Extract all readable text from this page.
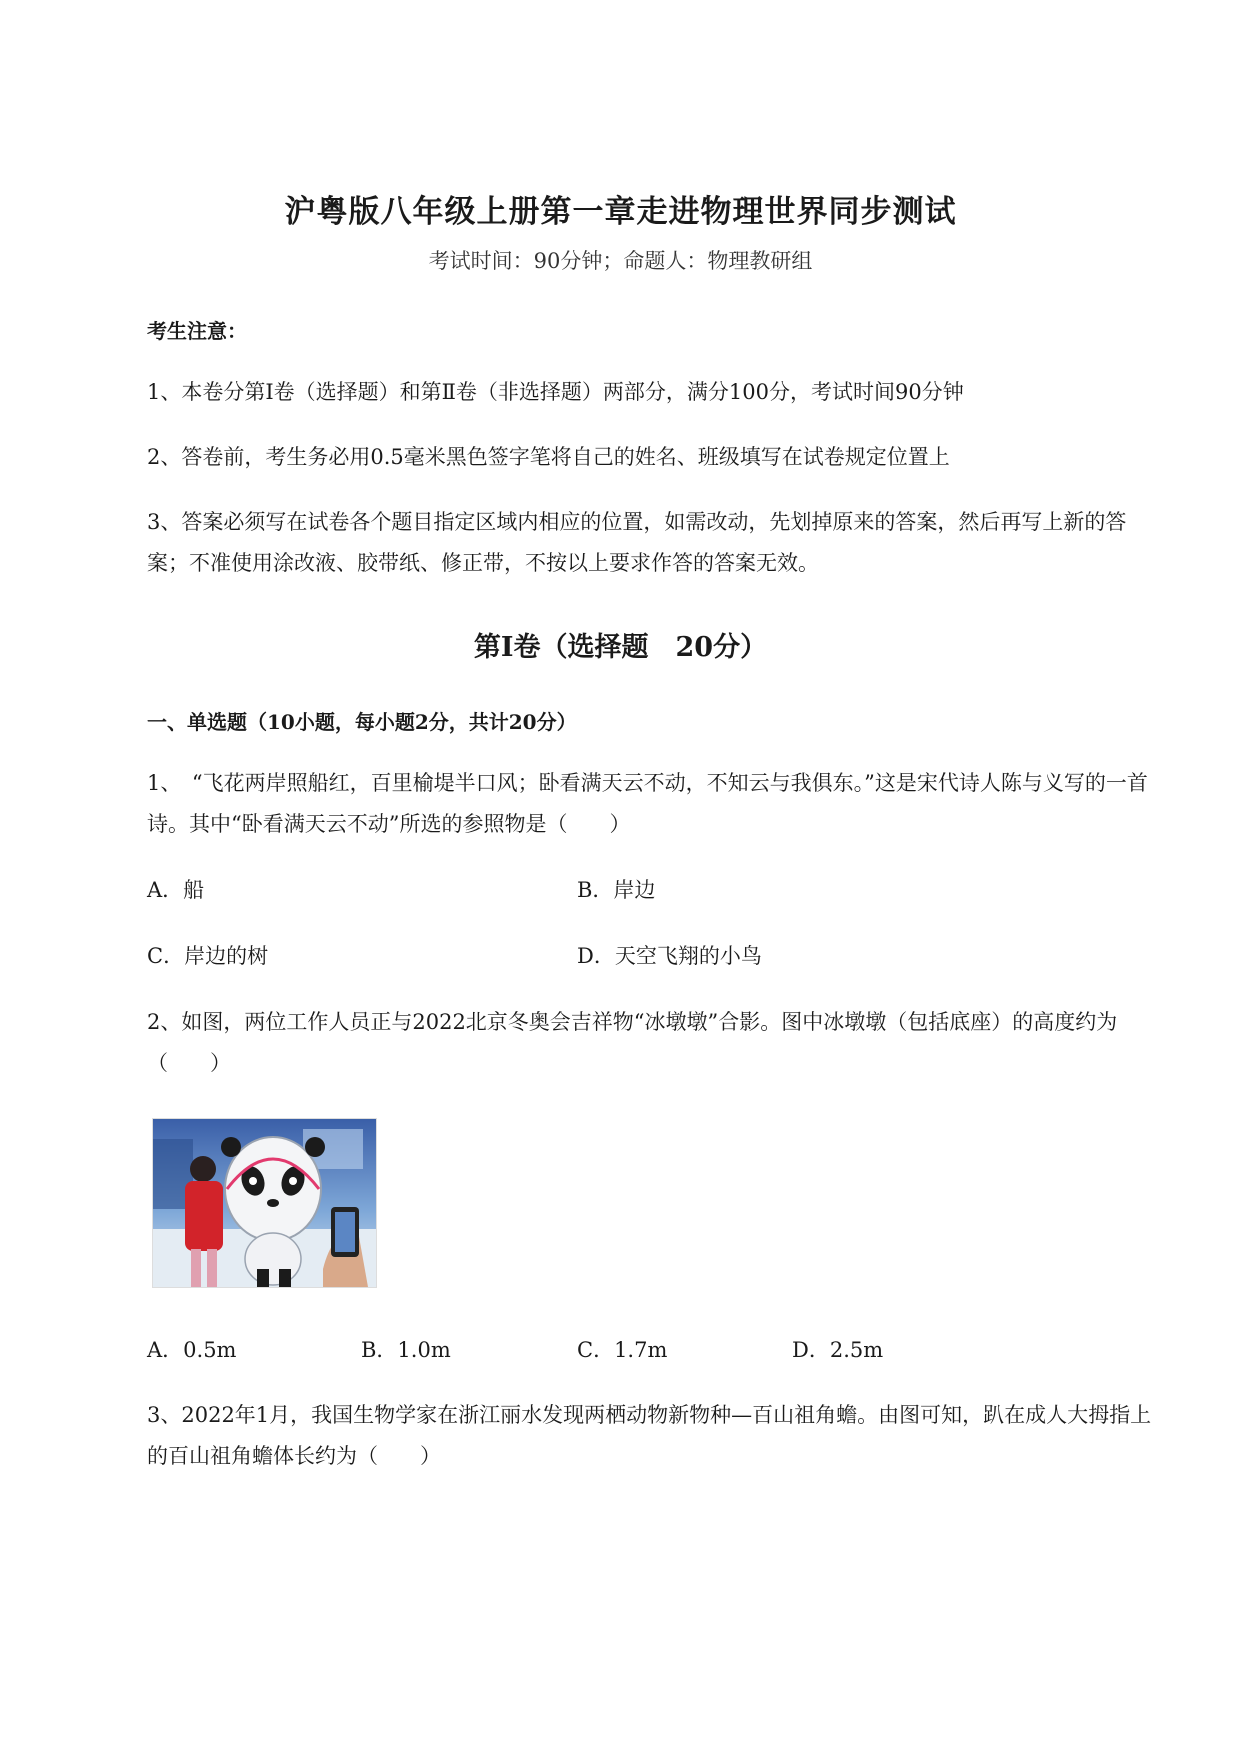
沪粤版八年级上册第一章走进物理世界同步测试
考试时间：90分钟；命题人：物理教研组
考生注意：
1、本卷分第I卷（选择题）和第Ⅱ卷（非选择题）两部分，满分100分，考试时间90分钟
2、答卷前，考生务必用0.5毫米黑色签字笔将自己的姓名、班级填写在试卷规定位置上
3、答案必须写在试卷各个题目指定区域内相应的位置，如需改动，先划掉原来的答案，然后再写上新的答案；不准使用涂改液、胶带纸、修正带，不按以上要求作答的答案无效。
第I卷（选择题　20分）
一、单选题（10小题，每小题2分，共计20分）
1、　“飞花两岸照船红，百里榆堤半口风；卧看满天云不动，不知云与我俱东。”这是宋代诗人陈与义写的一首诗。其中“卧看满天云不动”所选的参照物是（　　）
A．船	B．岸边
C．岸边的树	D．天空飞翔的小鸟
2、如图，两位工作人员正与2022北京冬奥会吉祥物“冰墩墩”合影。图中冰墩墩（包括底座）的高度约为（　　）
A．0.5m	B．1.0m	C．1.7m	D．2.5m
3、2022年1月，我国生物学家在浙江丽水发现两栖动物新物种—百山祖角蟾。由图可知，趴在成人大拇指上的百山祖角蟾体长约为（　　）
